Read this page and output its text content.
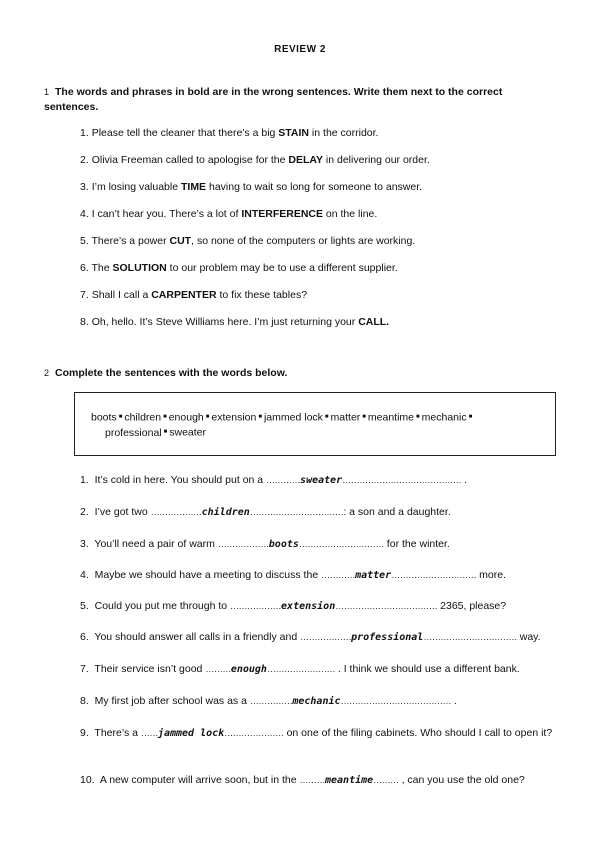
REVIEW 2
1 The words and phrases in bold are in the wrong sentences. Write them next to the correct sentences.
1. Please tell the cleaner that there’s a big STAIN in the corridor.
2. Olivia Freeman called to apologise for the DELAY in delivering our order.
3. I’m losing valuable TIME having to wait so long for someone to answer.
4. I can’t hear you. There’s a lot of INTERFERENCE on the line.
5. There’s a power CUT, so none of the computers or lights are working.
6. The SOLUTION to our problem may be to use a different supplier.
7. Shall I call a CARPENTER to fix these tables?
8. Oh, hello. It’s Steve Williams here. I’m just returning your CALL.
2 Complete the sentences with the words below.
boots ■ children ■ enough ■ extension ■ jammed lock ■ matter ■ meantime ■ mechanic ■
professional ■ sweater
1. It’s cold in here. You should put on a …………sweater…………………………………… .
2. I’ve got two ………………children……………………………: a son and a daughter.
3. You’ll need a pair of warm ………………boots………………………… for the winter.
4. Maybe we should have a meeting to discuss the …………matter………………………… more.
5. Could you put me through to ………………extension……………………………… 2365, please?
6. You should answer all calls in a friendly and ………………professional…………………………… way.
7. Their service isn’t good ………enough…………………… . I think we should use a different bank.
8. My first job after school was as a ……………mechanic………………………………… .
9. There’s a ……jammed lock………………… on one of the filing cabinets. Who should I call to open it?
10. A new computer will arrive soon, but in the ………meantime……… , can you use the old one?
